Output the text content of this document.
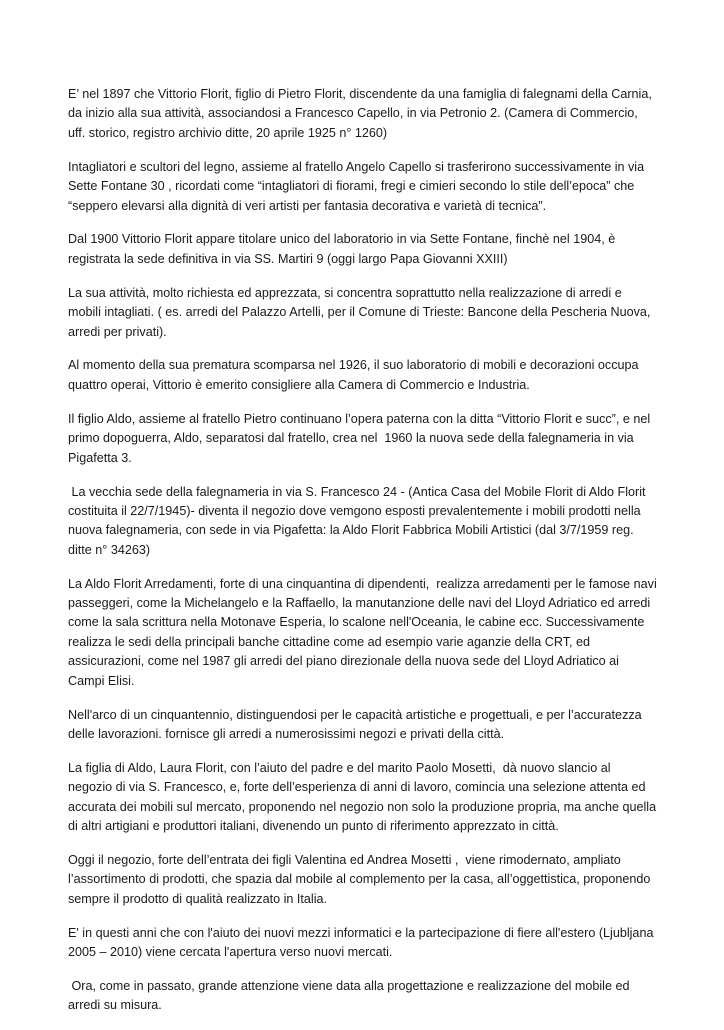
E’ nel 1897 che Vittorio Florit, figlio di Pietro Florit, discendente da una famiglia di falegnami della Carnia, da inizio alla sua attività, associandosi a Francesco Capello, in via Petronio 2. (Camera di Commercio, uff. storico, registro archivio ditte, 20 aprile 1925 n° 1260)

Intagliatori e scultori del legno, assieme al fratello Angelo Capello si trasferirono successivamente in via Sette Fontane 30 , ricordati come “intagliatori di fiorami, fregi e cimieri secondo lo stile dell’epoca” che “seppero elevarsi alla dignità di veri artisti per fantasia decorativa e varietà di tecnica”.

Dal 1900 Vittorio Florit appare titolare unico del laboratorio in via Sette Fontane, finchè nel 1904, è registrata la sede definitiva in via SS. Martiri 9 (oggi largo Papa Giovanni XXIII)

La sua attività, molto richiesta ed apprezzata, si concentra soprattutto nella realizzazione di arredi e mobili intagliati. ( es. arredi del Palazzo Artelli, per il Comune di Trieste: Bancone della Pescheria Nuova, arredi per privati).

Al momento della sua prematura scomparsa nel 1926, il suo laboratorio di mobili e decorazioni occupa quattro operai, Vittorio è emerito consigliere alla Camera di Commercio e Industria.

Il figlio Aldo, assieme al fratello Pietro continuano l’opera paterna con la ditta “Vittorio Florit e succ”, e nel primo dopoguerra, Aldo, separatosi dal fratello, crea nel  1960 la nuova sede della falegnameria in via Pigafetta 3.

La vecchia sede della falegnameria in via S. Francesco 24 - (Antica Casa del Mobile Florit di Aldo Florit costituita il 22/7/1945)- diventa il negozio dove vemgono esposti prevalentemente i mobili prodotti nella nuova falegnameria, con sede in via Pigafetta: la Aldo Florit Fabbrica Mobili Artistici (dal 3/7/1959 reg. ditte n° 34263)

La Aldo Florit Arredamenti, forte di una cinquantina di dipendenti,  realizza arredamenti per le famose navi passeggeri, come la Michelangelo e la Raffaello, la manutanzione delle navi del Lloyd Adriatico ed arredi come la sala scrittura nella Motonave Esperia, lo scalone nell'Oceania, le cabine ecc. Successivamente realizza le sedi della principali banche cittadine come ad esempio varie aganzie della CRT, ed assicurazioni, come nel 1987 gli arredi del piano direzionale della nuova sede del Lloyd Adriatico ai Campi Elisi.

Nell'arco di un cinquantennio, distinguendosi per le capacità artistiche e progettuali, e per l’accuratezza delle lavorazioni. fornisce gli arredi a numerosissimi negozi e privati della città.

La figlia di Aldo, Laura Florit, con l’aiuto del padre e del marito Paolo Mosetti,  dà nuovo slancio al negozio di via S. Francesco, e, forte dell’esperienza di anni di lavoro, comincia una selezione attenta ed accurata dei mobili sul mercato, proponendo nel negozio non solo la produzione propria, ma anche quella di altri artigiani e produttori italiani, divenendo un punto di riferimento apprezzato in città.

Oggi il negozio, forte dell’entrata dei figli Valentina ed Andrea Mosetti ,  viene rimodernato, ampliato l’assortimento di prodotti, che spazia dal mobile al complemento per la casa, all’oggettistica, proponendo sempre il prodotto di qualità realizzato in Italia.

E' in questi anni che con l'aiuto dei nuovi mezzi informatici e la partecipazione di fiere all'estero (Ljubljana 2005 – 2010) viene cercata l'apertura verso nuovi mercati.

Ora, come in passato, grande attenzione viene data alla progettazione e realizzazione del mobile ed arredi su misura.
